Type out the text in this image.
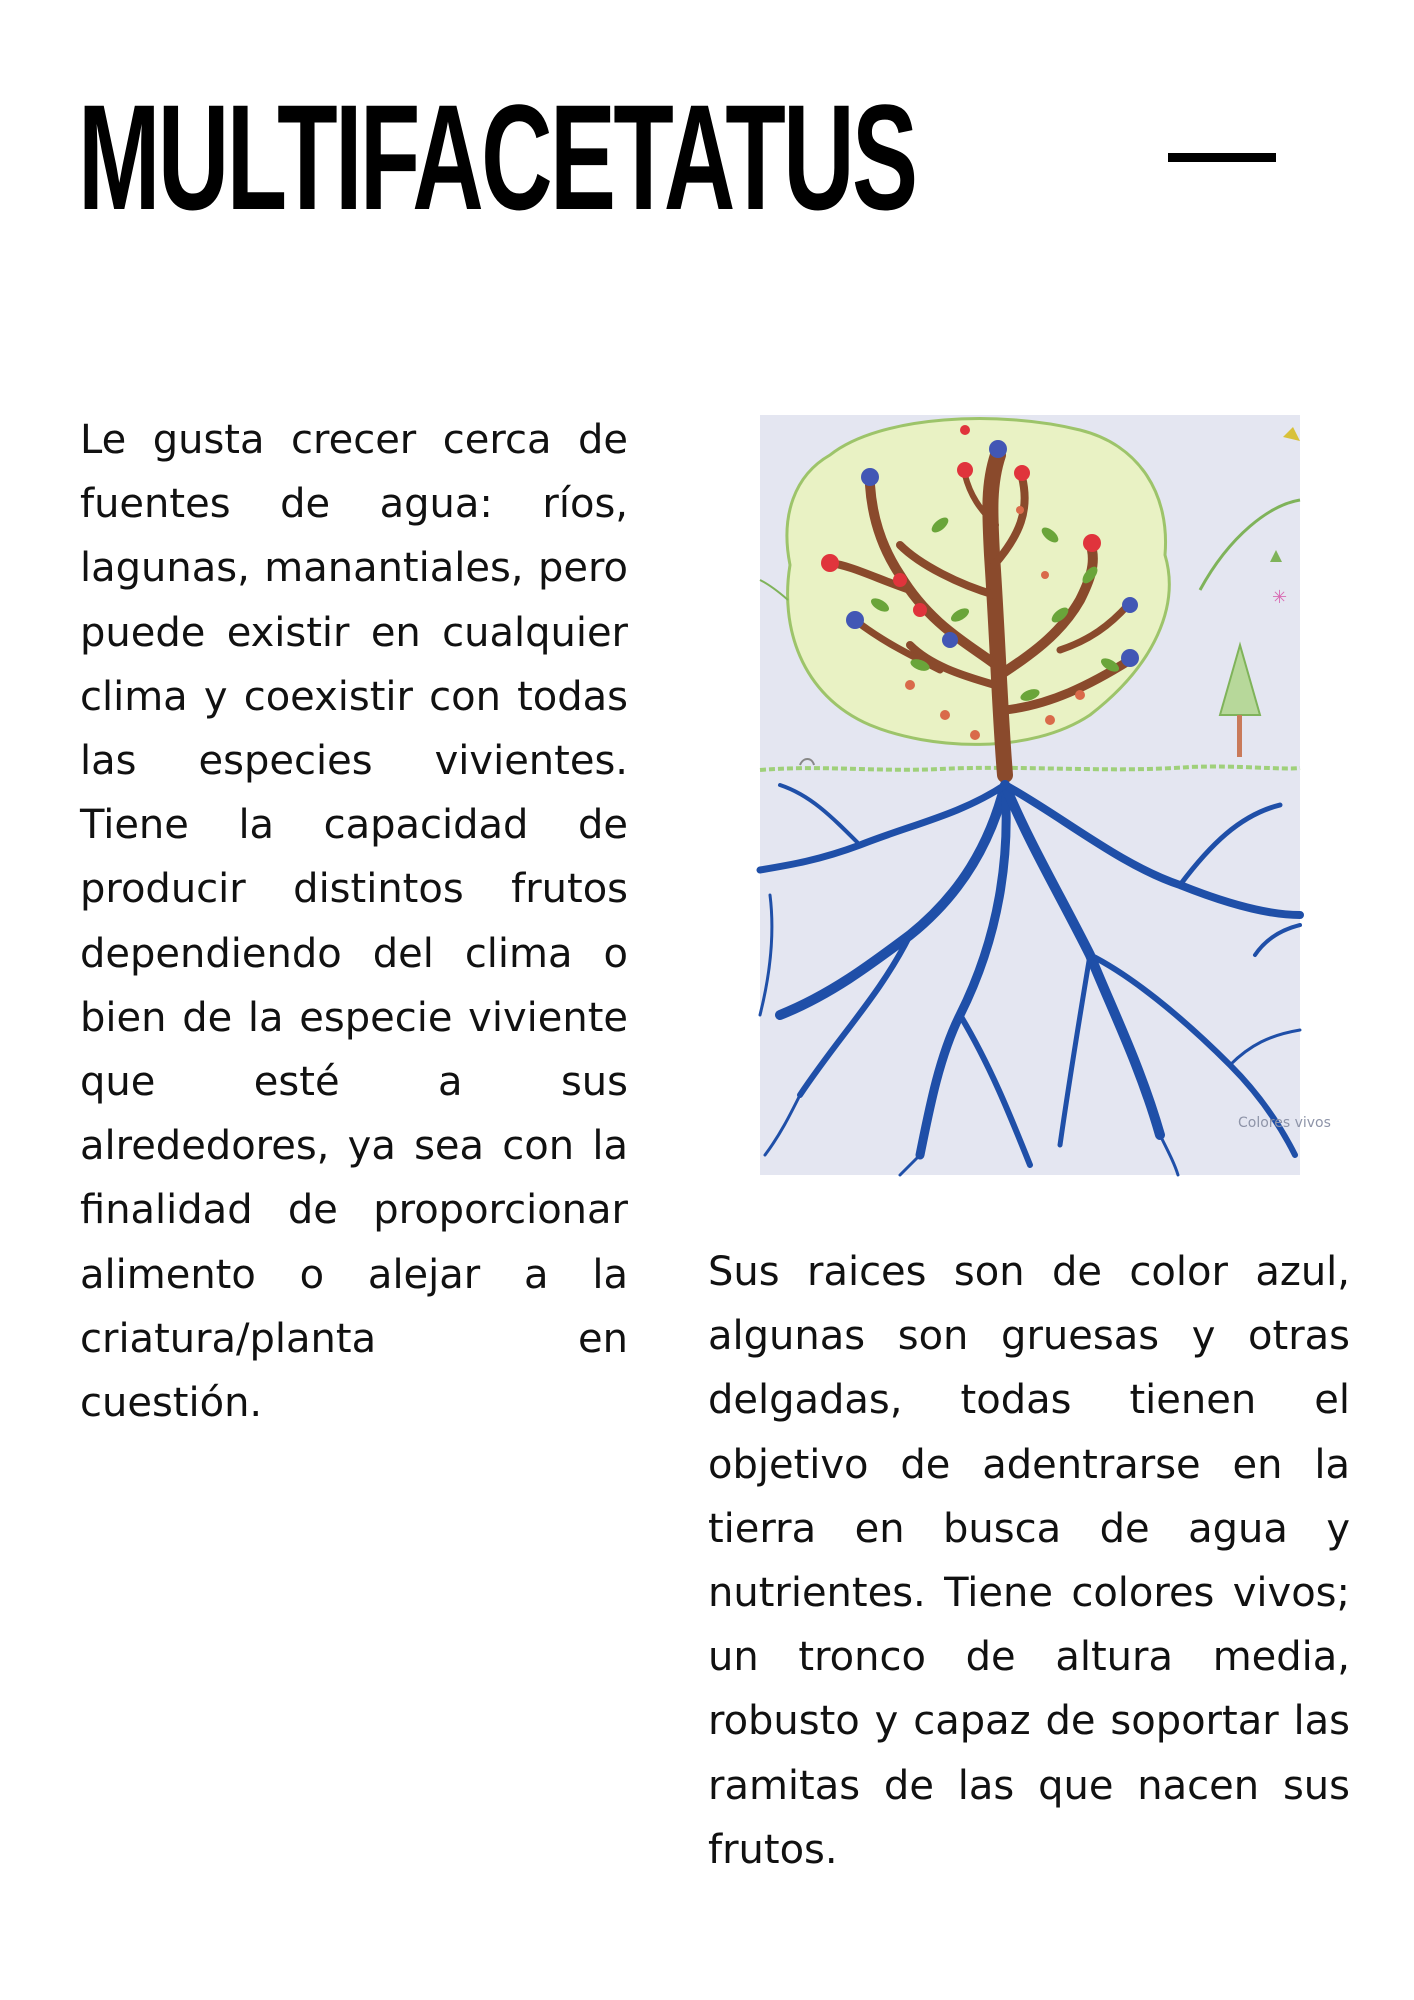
MULTIFACETATUS

Le gusta crecer cerca de fuentes de agua: ríos, lagunas, manantiales, pero puede existir en cualquier clima y coexistir con todas las especies vivientes. Tiene la capacidad de producir distintos frutos dependiendo del clima o bien de la especie viviente que esté a sus alrededores, ya sea con la finalidad de proporcionar alimento o alejar a la criatura/planta en cuestión.

✳
Colores vivos

Sus raices son de color azul, algunas son gruesas y otras delgadas, todas tienen el objetivo de adentrarse en la tierra en busca de agua y nutrientes. Tiene colores vivos; un tronco de altura media, robusto y capaz de soportar las ramitas de las que nacen sus frutos.
